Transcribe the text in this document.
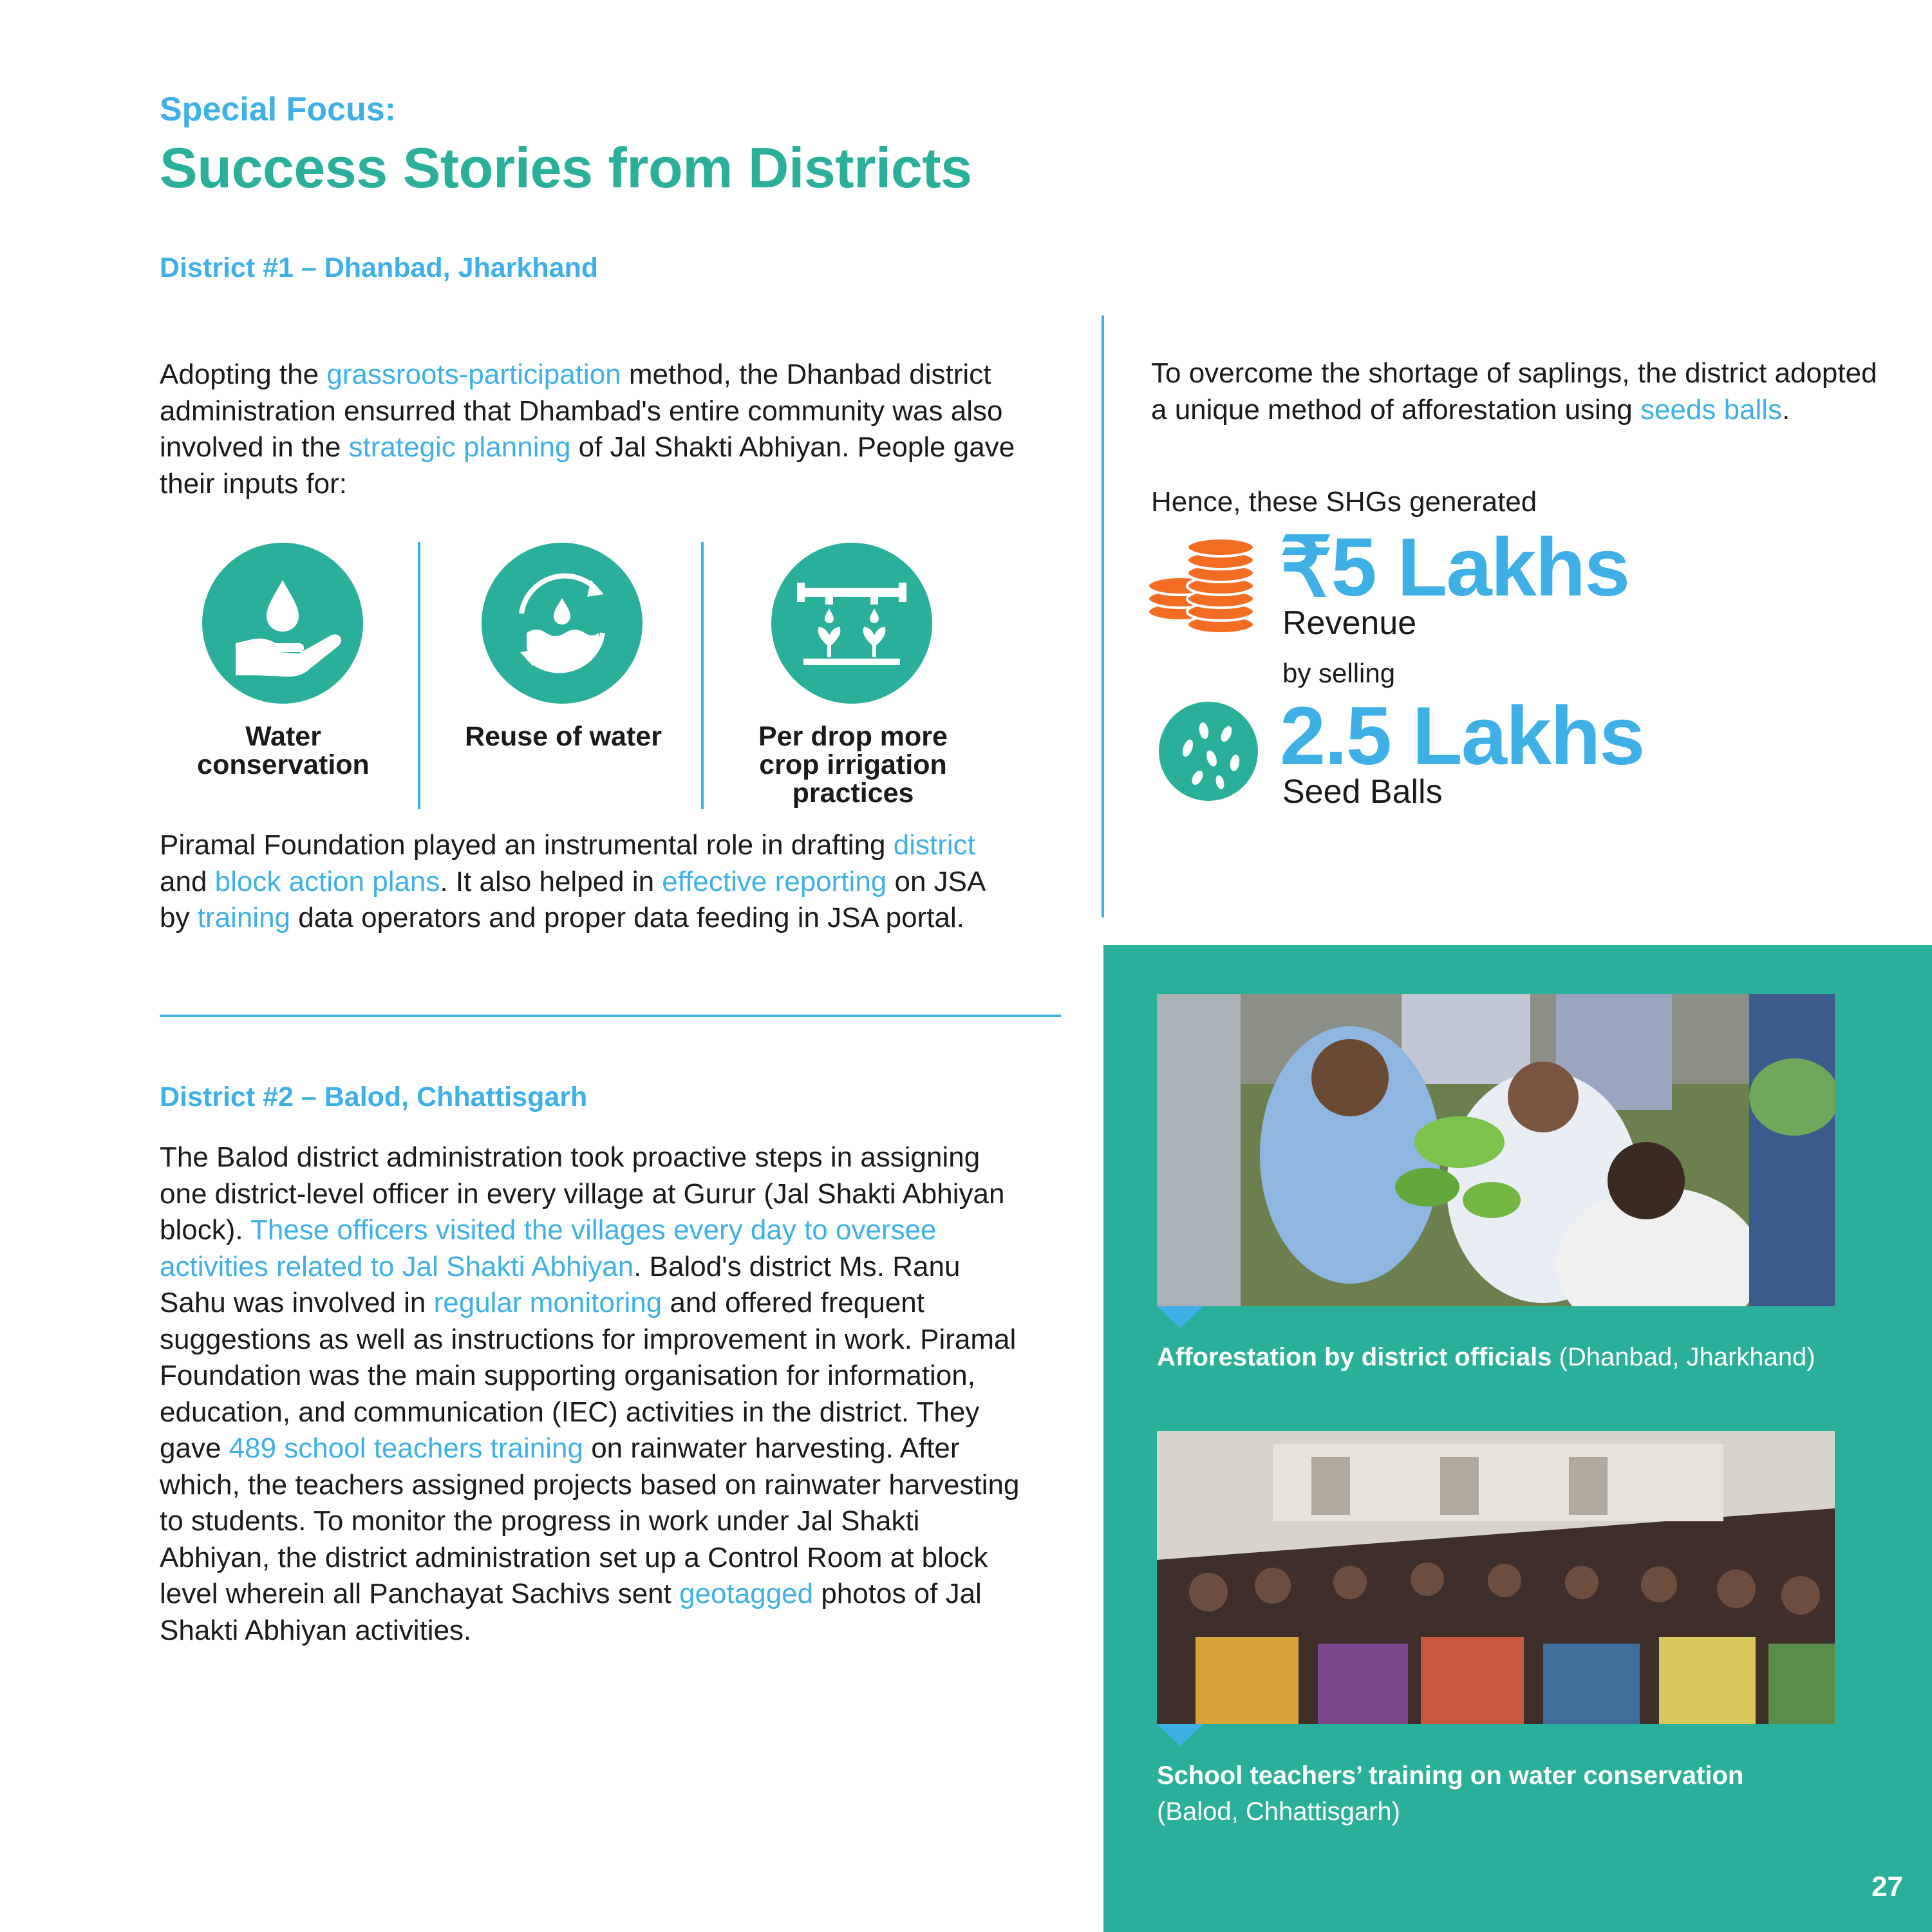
Special Focus:
Success Stories from Districts
District #1 – Dhanbad, Jharkhand
Adopting the grassroots-participation method, the Dhanbad district administration ensurred that Dhambad's entire community was also involved in the strategic planning of Jal Shakti Abhiyan. People gave their inputs for:
Water conservation
Reuse of water	Per drop more crop irrigation practices
Piramal Foundation played an instrumental role in drafting district and block action plans. It also helped in effective reporting on JSA by training data operators and proper data feeding in JSA portal.
To overcome the shortage of saplings, the district adopted a unique method of afforestation using seeds balls.
Hence, these SHGs generated
₹5 Lakhs
Revenue
by selling
2.5 Lakhs
Seed Balls
District #2 – Balod, Chhattisgarh
The Balod district administration took proactive steps in assigning one district-level officer in every village at Gurur (Jal Shakti Abhiyan block). These officers visited the villages every day to oversee activities related to Jal Shakti Abhiyan. Balod's district Ms. Ranu Sahu was involved in regular monitoring and offered frequent suggestions as well as instructions for improvement in work. Piramal Foundation was the main supporting organisation for information, education, and communication (IEC) activities in the district. They gave 489 school teachers training on rainwater harvesting. After which, the teachers assigned projects based on rainwater harvesting to students. To monitor the progress in work under Jal Shakti Abhiyan, the district administration set up a Control Room at block level wherein all Panchayat Sachivs sent geotagged photos of Jal Shakti Abhiyan activities.
Afforestation by district officials (Dhanbad, Jharkhand)
School teachers’ training on water conservation
(Balod, Chhattisgarh)
27
